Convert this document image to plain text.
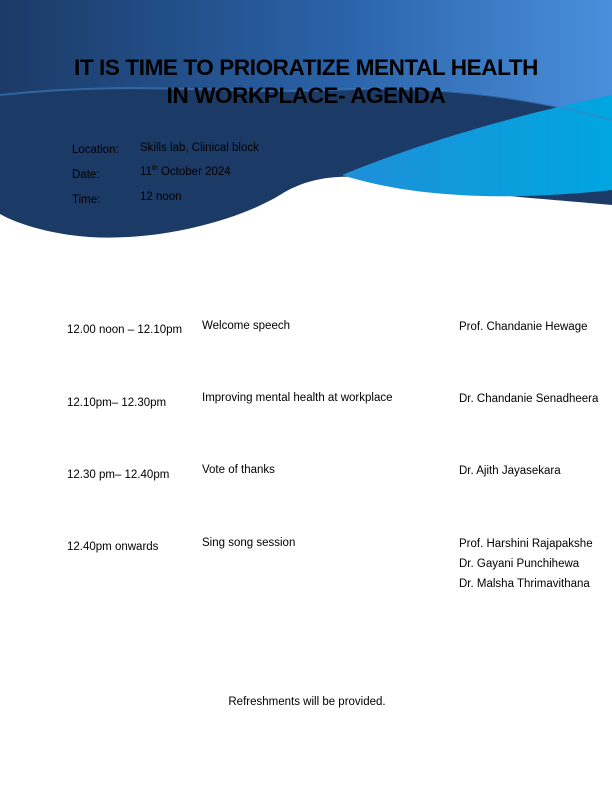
IT IS TIME TO PRIORATIZE MENTAL HEALTH
IN WORKPLACE- AGENDA
Location: Skills lab, Clinical block
Date:	11th October 2024
Time:	12 noon
12.00 noon – 12.10pm	Welcome speech	Prof. Chandanie Hewage
12.10pm– 12.30pm	Improving mental health at workplace	Dr. Chandanie Senadheera
12.30 pm– 12.40pm	Vote of thanks	Dr. Ajith Jayasekara
12.40pm onwards	Sing song session	Prof. Harshini Rajapakshe
Dr. Gayani Punchihewa
Dr. Malsha Thrimavithana
Refreshments will be provided.
